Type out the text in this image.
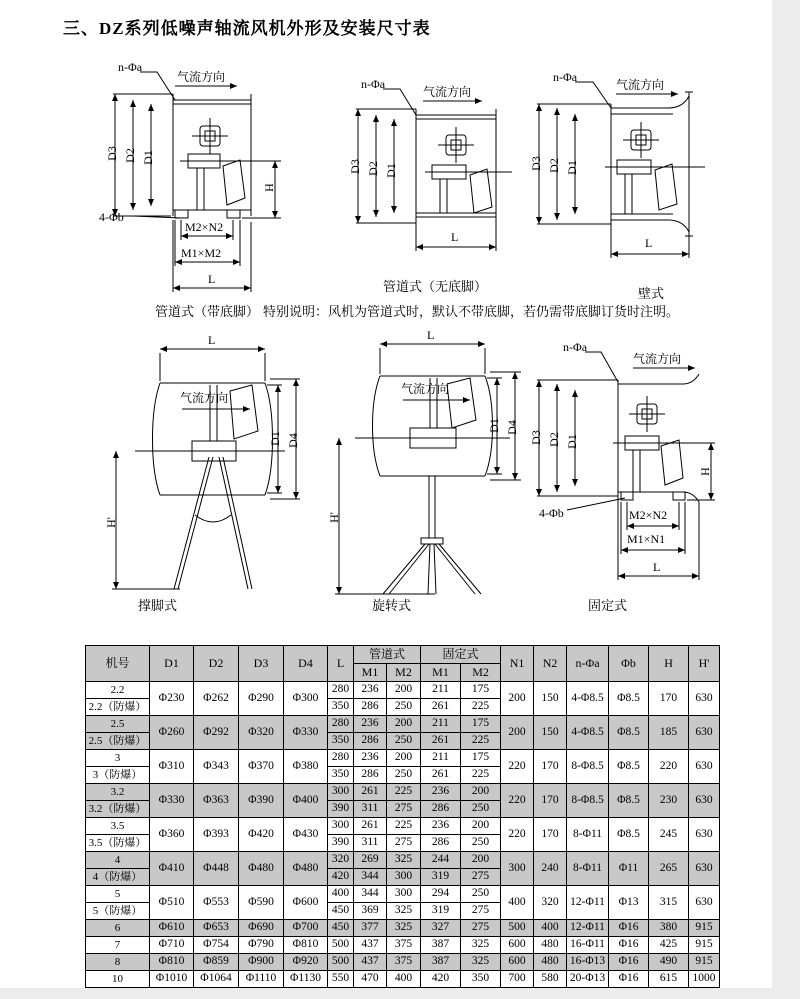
三、DZ系列低噪声轴流风机外形及安装尺寸表
n-Φa
气流方向
D3 D2 D1
H
4-Φb
M2×N2
M1×M2
L
n-Φa
气流方向
D3 D2 D1
L
n-Φa
气流方向
D3 D2 D1
L
L
气流方向
D1 D4
H'
L
气流方向
D1 D4
H'
n-Φa
气流方向
D3 D2 D1
H
4-Φb	M2×N2
M1×N1
L
管道式（带底脚） 特别说明：风机为管道式时，默认不带底脚，若仍需带底脚订货时注明。
管道式（无底脚）	壁式
撑脚式	旋转式	固定式
机号	D1	D2	D3	D4	L	管道式		固定式		N1	N2	n-Φa	Φb	H	H'
						M1	M2	M1	M2						
2.2	Φ230	Φ262	Φ290	Φ300	280	236	200	211	175	200	150	4-Φ8.5	Φ8.5	170	630
2.2（防爆）					350	286	250	261	225						
2.5	Φ260	Φ292	Φ320	Φ330	280	236	200	211	175	200	150	4-Φ8.5	Φ8.5	185	630
2.5（防爆）					350	286	250	261	225						
3	Φ310	Φ343	Φ370	Φ380	280	236	200	211	175	220	170	8-Φ8.5	Φ8.5	220	630
3（防爆）					350	286	250	261	225						
3.2	Φ330	Φ363	Φ390	Φ400	300	261	225	236	200	220	170	8-Φ8.5	Φ8.5	230	630
3.2（防爆）					390	311	275	286	250						
3.5	Φ360	Φ393	Φ420	Φ430	300	261	225	236	200	220	170	8-Φ11	Φ8.5	245	630
3.5（防爆）					390	311	275	286	250						
4	Φ410	Φ448	Φ480	Φ480	320	269	325	244	200	300	240	8-Φ11	Φ11	265	630
4（防爆）					420	344	300	319	275						
5	Φ510	Φ553	Φ590	Φ600	400	344	300	294	250	400	320	12-Φ11	Φ13	315	630
5（防爆）					450	369	325	319	275						
6	Φ610	Φ653	Φ690	Φ700	450	377	325	327	275	500	400	12-Φ11	Φ16	380	915
7	Φ710	Φ754	Φ790	Φ810	500	437	375	387	325	600	480	16-Φ11	Φ16	425	915
8	Φ810	Φ859	Φ900	Φ920	500	437	375	387	325	600	480	16-Φ13	Φ16	490	915
10	Φ1010	Φ1064	Φ1110	Φ1130	550	470	400	420	350	700	580	20-Φ13	Φ16	615	1000
